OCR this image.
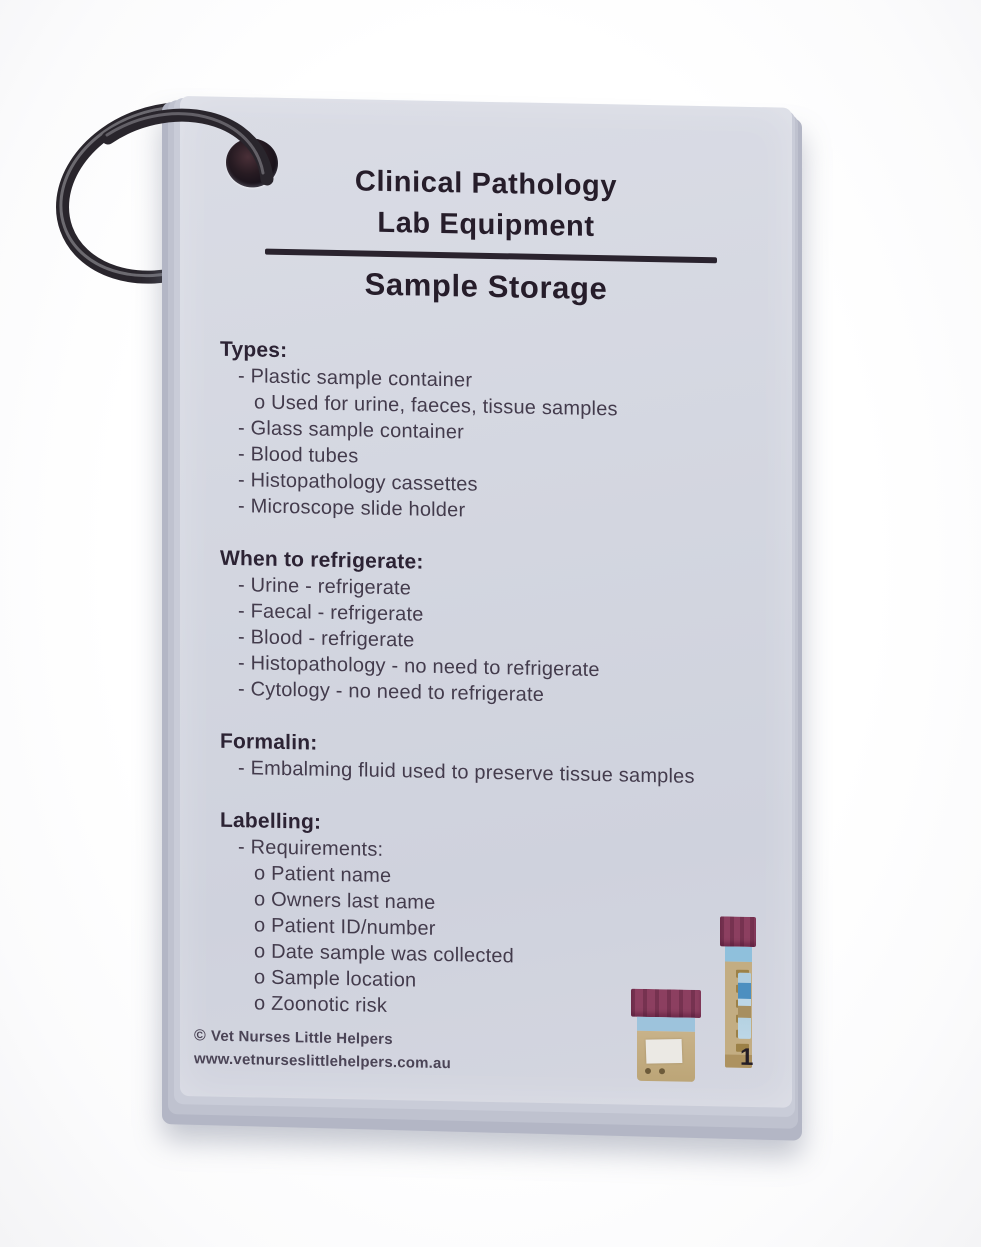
Clinical Pathology
Lab Equipment
Sample Storage
Types:
- Plastic sample container
o Used for urine, faeces, tissue samples
- Glass sample container
- Blood tubes
- Histopathology cassettes
- Microscope slide holder
When to refrigerate:
- Urine - refrigerate
- Faecal - refrigerate
- Blood - refrigerate
- Histopathology - no need to refrigerate
- Cytology - no need to refrigerate
Formalin:
- Embalming fluid used to preserve tissue samples
Labelling:
- Requirements:
o Patient name
o Owners last name
o Patient ID/number
o Date sample was collected
o Sample location
o Zoonotic risk
© Vet Nurses Little Helpers
www.vetnurseslittlehelpers.com.au	1
